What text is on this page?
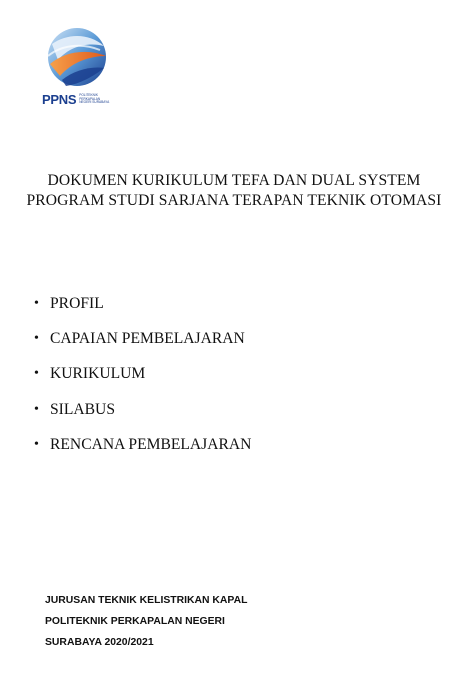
PPNS POLITEKNIK
PERKAPALAN
NEGERI SURABAYA
DOKUMEN KURIKULUM TEFA DAN DUAL SYSTEM
PROGRAM STUDI SARJANA TERAPAN TEKNIK OTOMASI
• PROFIL
• CAPAIAN PEMBELAJARAN
• KURIKULUM
• SILABUS
• RENCANA PEMBELAJARAN
JURUSAN TEKNIK KELISTRIKAN KAPAL
POLITEKNIK PERKAPALAN NEGERI
SURABAYA 2020/2021
